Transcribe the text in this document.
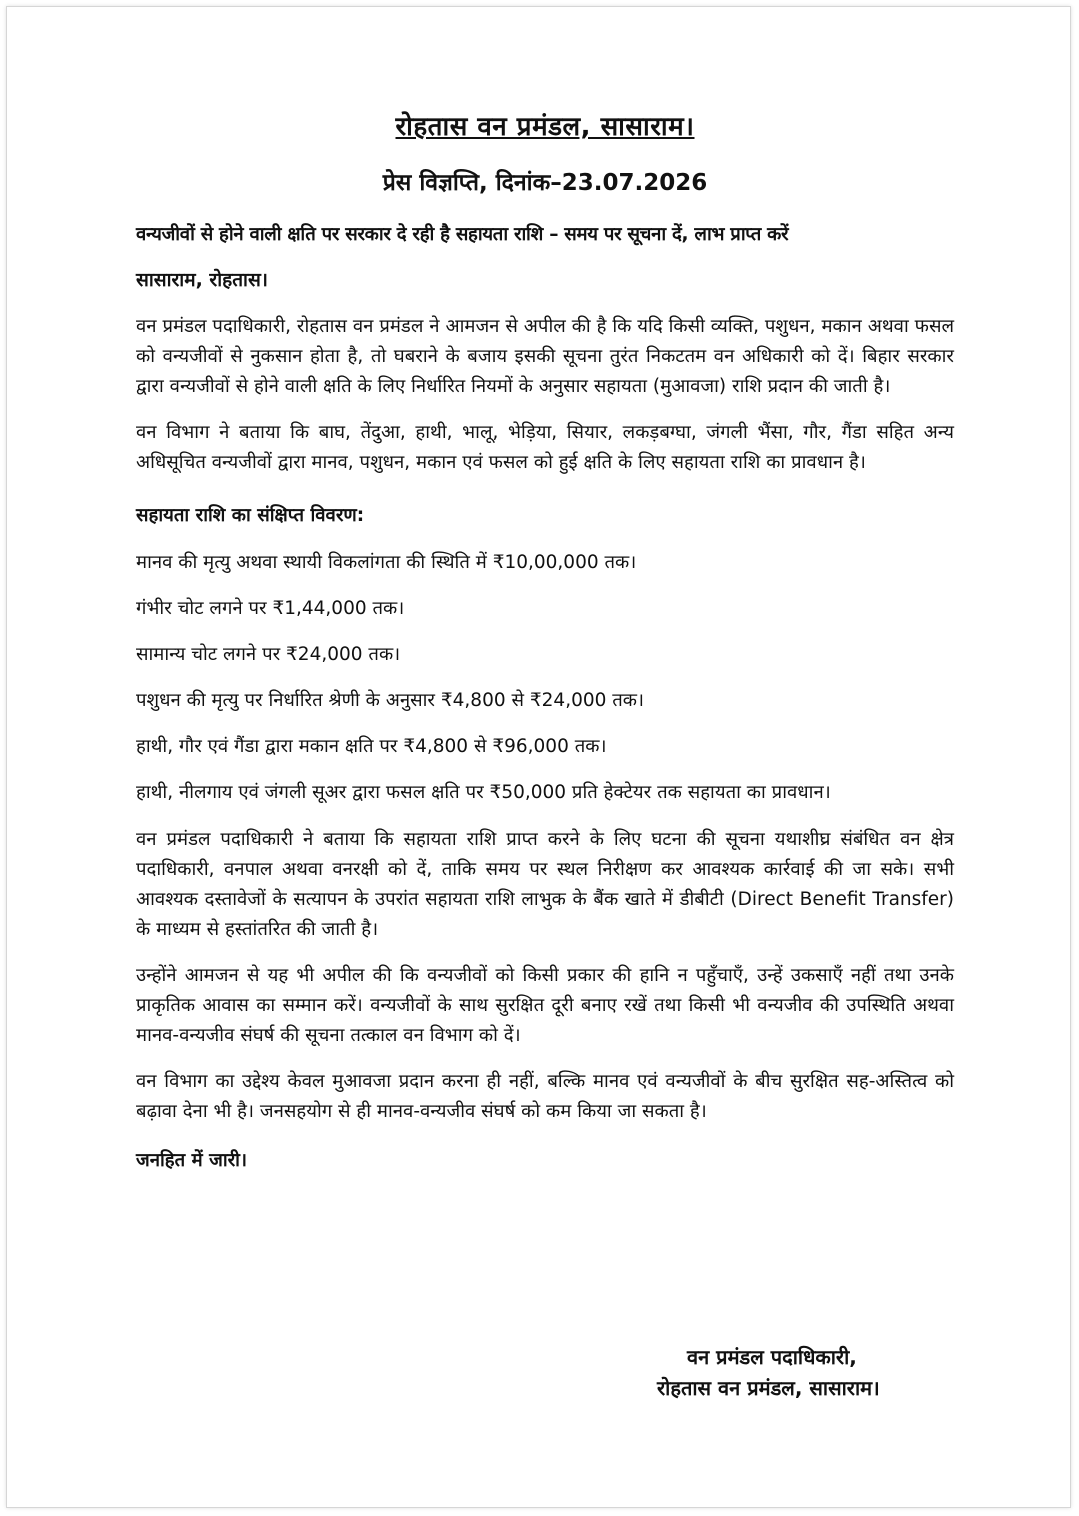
रोहतास वन प्रमंडल, सासाराम।
प्रेस विज्ञप्ति, दिनांक–23.07.2026
वन्यजीवों से होने वाली क्षति पर सरकार दे रही है सहायता राशि – समय पर सूचना दें, लाभ प्राप्त करें
सासाराम, रोहतास।

वन प्रमंडल पदाधिकारी, रोहतास वन प्रमंडल ने आमजन से अपील की है कि यदि किसी व्यक्ति, पशुधन, मकान अथवा फसल को वन्यजीवों से नुकसान होता है, तो घबराने के बजाय इसकी सूचना तुरंत निकटतम वन अधिकारी को दें। बिहार सरकार द्वारा वन्यजीवों से होने वाली क्षति के लिए निर्धारित नियमों के अनुसार सहायता (मुआवजा) राशि प्रदान की जाती है।

वन विभाग ने बताया कि बाघ, तेंदुआ, हाथी, भालू, भेड़िया, सियार, लकड़बग्घा, जंगली भैंसा, गौर, गैंडा सहित अन्य अधिसूचित वन्यजीवों द्वारा मानव, पशुधन, मकान एवं फसल को हुई क्षति के लिए सहायता राशि का प्रावधान है।

सहायता राशि का संक्षिप्त विवरण:
मानव की मृत्यु अथवा स्थायी विकलांगता की स्थिति में ₹10,00,000 तक।
गंभीर चोट लगने पर ₹1,44,000 तक।
सामान्य चोट लगने पर ₹24,000 तक।
पशुधन की मृत्यु पर निर्धारित श्रेणी के अनुसार ₹4,800 से ₹24,000 तक।
हाथी, गौर एवं गैंडा द्वारा मकान क्षति पर ₹4,800 से ₹96,000 तक।
हाथी, नीलगाय एवं जंगली सूअर द्वारा फसल क्षति पर ₹50,000 प्रति हेक्टेयर तक सहायता का प्रावधान।

वन प्रमंडल पदाधिकारी ने बताया कि सहायता राशि प्राप्त करने के लिए घटना की सूचना यथाशीघ्र संबंधित वन क्षेत्र पदाधिकारी, वनपाल अथवा वनरक्षी को दें, ताकि समय पर स्थल निरीक्षण कर आवश्यक कार्रवाई की जा सके। सभी आवश्यक दस्तावेजों के सत्यापन के उपरांत सहायता राशि लाभुक के बैंक खाते में डीबीटी (Direct Benefit Transfer) के माध्यम से हस्तांतरित की जाती है।

उन्होंने आमजन से यह भी अपील की कि वन्यजीवों को किसी प्रकार की हानि न पहुँचाएँ, उन्हें उकसाएँ नहीं तथा उनके प्राकृतिक आवास का सम्मान करें। वन्यजीवों के साथ सुरक्षित दूरी बनाए रखें तथा किसी भी वन्यजीव की उपस्थिति अथवा मानव-वन्यजीव संघर्ष की सूचना तत्काल वन विभाग को दें।

वन विभाग का उद्देश्य केवल मुआवजा प्रदान करना ही नहीं, बल्कि मानव एवं वन्यजीवों के बीच सुरक्षित सह-अस्तित्व को बढ़ावा देना भी है। जनसहयोग से ही मानव-वन्यजीव संघर्ष को कम किया जा सकता है।

जनहित में जारी।
वन प्रमंडल पदाधिकारी,
रोहतास वन प्रमंडल, सासाराम।
